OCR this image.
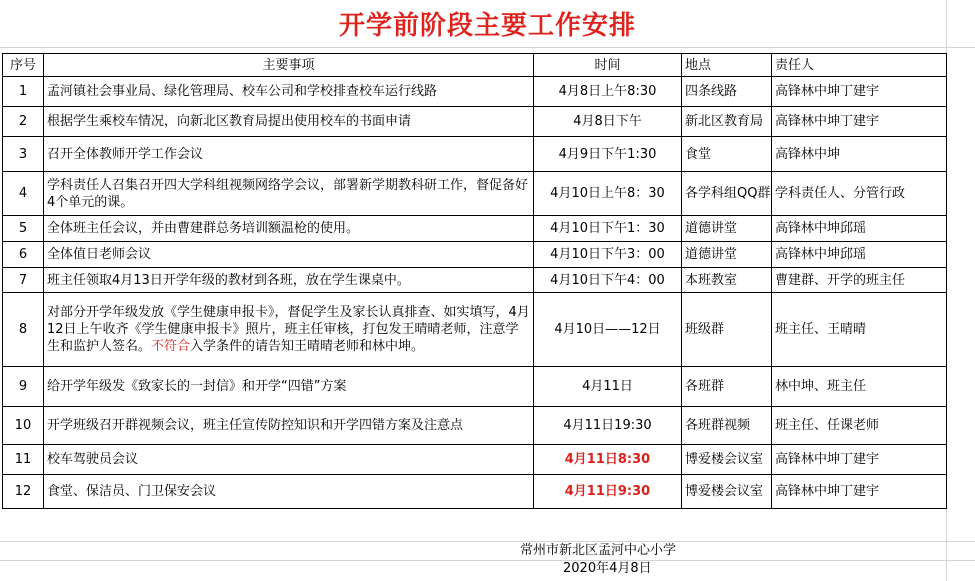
开学前阶段主要工作安排
序号	主要事项	时间	地点	责任人
1	孟河镇社会事业局、绿化管理局、校车公司和学校排查校车运行线路	4月8日上午8:30	四条线路	高锋林中坤丁建宇
2	根据学生乘校车情况，向新北区教育局提出使用校车的书面申请	4月8日下午	新北区教育局	高锋林中坤丁建宇
3	召开全体教师开学工作会议	4月9日下午1:30	食堂	高锋林中坤
4	学科责任人召集召开四大学科组视频网络学会议，部署新学期教科研工作，督促备好4个单元的课。	4月10日上午8：30	各学科组QQ群	学科责任人、分管行政
5	全体班主任会议，并由曹建群总务培训额温枪的使用。	4月10日下午1：30	道德讲堂	高锋林中坤邱瑶
6	全体值日老师会议	4月10日下午3：00	道德讲堂	高锋林中坤邱瑶
7	班主任领取4月13日开学年级的教材到各班，放在学生课桌中。	4月10日下午4：00	本班教室	曹建群、开学的班主任
8	对部分开学年级发放《学生健康申报卡》，督促学生及家长认真排查、如实填写，4月12日上午收齐《学生健康申报卡》照片，班主任审核，打包发王晴晴老师，注意学生和监护人签名。不符合入学条件的请告知王晴晴老师和林中坤。	4月10日——12日	班级群	班主任、王晴晴
9	给开学年级发《致家长的一封信》和开学“四错”方案	4月11日	各班群	林中坤、班主任
10	开学班级召开群视频会议，班主任宣传防控知识和开学四错方案及注意点	4月11日19:30	各班群视频	班主任、任课老师
11	校车驾驶员会议	4月11日8:30	博爱楼会议室	高锋林中坤丁建宇
12	食堂、保洁员、门卫保安会议	4月11日9:30	博爱楼会议室	高锋林中坤丁建宇
常州市新北区孟河中心小学
2020年4月8日
